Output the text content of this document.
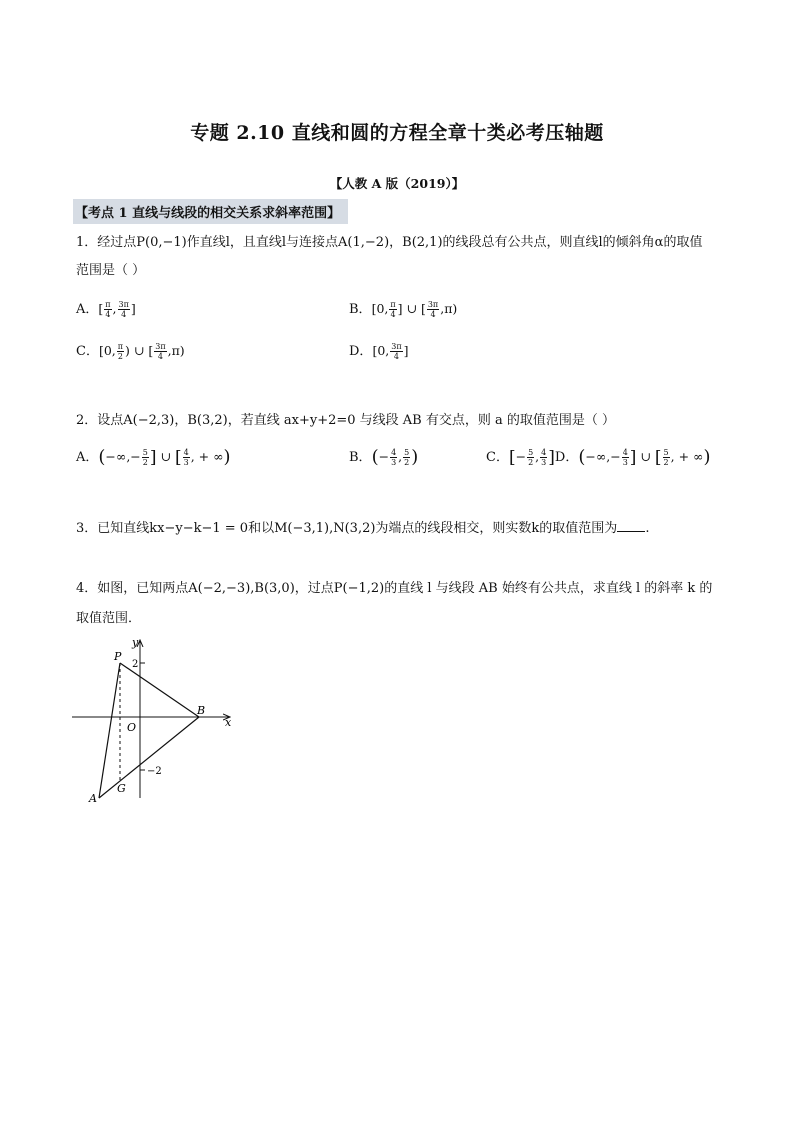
专题 2.10 直线和圆的方程全章十类必考压轴题
【人教 A 版（2019）】
【考点 1 直线与线段的相交关系求斜率范围】
1．经过点P(0,−1)作直线l，且直线l与连接点A(1,−2)，B(2,1)的线段总有公共点，则直线l的倾斜角α的取值
范围是（ ）
A．[ $\frac{\pi}{4}$ , $\frac{3\pi}{4}$ ]	B．[0, $\frac{\pi}{4}$ ] ∪ [ $\frac{3\pi}{4} ,\pi$)
C．[0, $\frac{\pi}{2}$ ) ∪ [ $\frac{3\pi}{4} ,\pi$)	D．[0, $\frac{3\pi}{4}$ ]
2．设点A(−2,3)，B(3,2)，若直线 ax+y+2=0 与线段 AB 有交点，则 a 的取值范围是（ ）
A．(−∞,− $\frac{5}{2}$ ] ∪ [ $\frac{4}{3}$ , + ∞)	B．(− $\frac{4}{3}$ , $\frac{5}{2}$ )	C．[− $\frac{5}{2}$ , $\frac{4}{3} ]D$．(−∞,− $\frac{4}{3}$ ] ∪ [ $\frac{5}{2}$ , + ∞)
3．已知直线kx−y−k−1 = 0和以M(−3,1),N(3,2)为端点的线段相交，则实数k的取值范围为 .
4．如图，已知两点A(−2,−3),B(3,0)，过点P(−1,2)的直线 l 与线段 AB 始终有公共点，求直线 l 的斜率 k 的
取值范围．
y
x
P
B
O
A
G
2
−2
